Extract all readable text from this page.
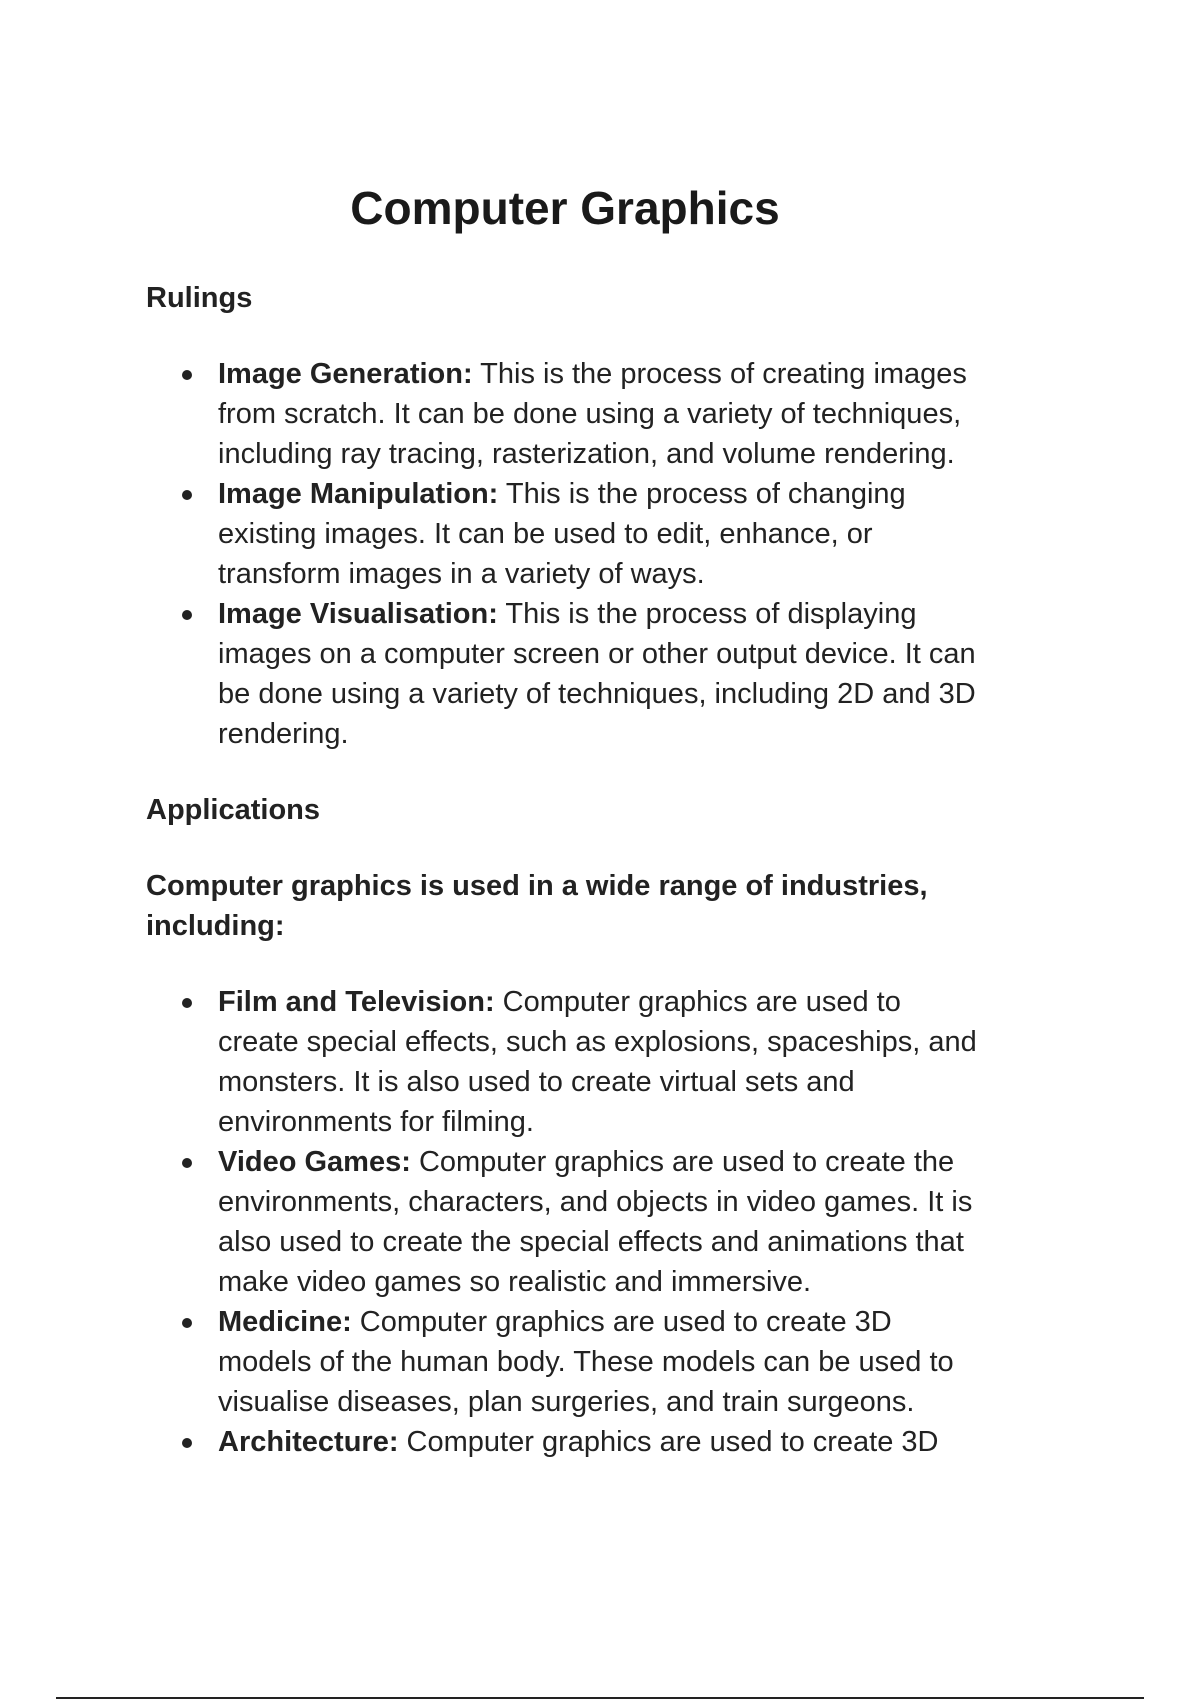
Computer Graphics
Rulings
Image Generation: This is the process of creating images from scratch. It can be done using a variety of techniques, including ray tracing, rasterization, and volume rendering.
Image Manipulation: This is the process of changing existing images. It can be used to edit, enhance, or transform images in a variety of ways.
Image Visualisation: This is the process of displaying images on a computer screen or other output device. It can be done using a variety of techniques, including 2D and 3D rendering.
Applications
Computer graphics is used in a wide range of industries, including:
Film and Television: Computer graphics are used to create special effects, such as explosions, spaceships, and monsters. It is also used to create virtual sets and environments for filming.
Video Games: Computer graphics are used to create the environments, characters, and objects in video games. It is also used to create the special effects and animations that make video games so realistic and immersive.
Medicine: Computer graphics are used to create 3D models of the human body. These models can be used to visualise diseases, plan surgeries, and train surgeons.
Architecture: Computer graphics are used to create 3D
